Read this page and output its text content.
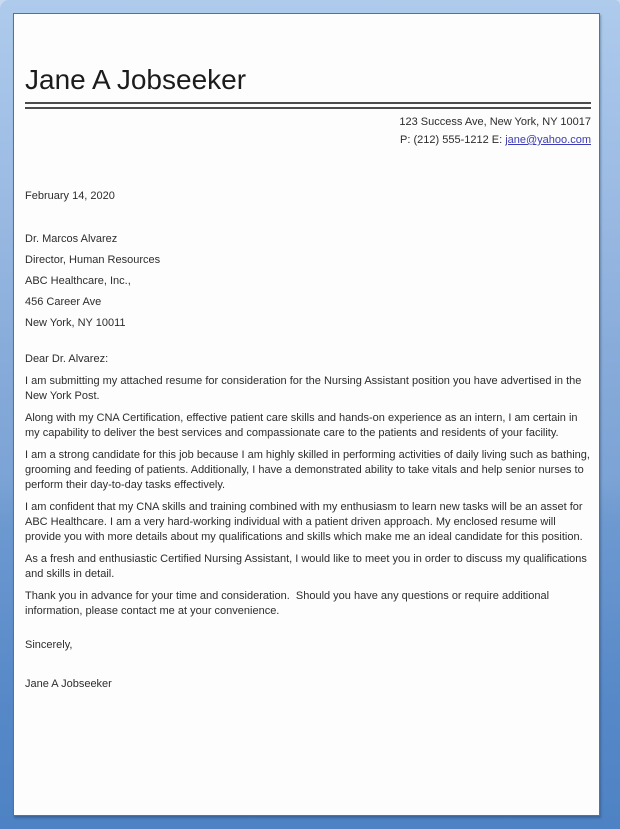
Jane A Jobseeker
123 Success Ave, New York, NY 10017
P: (212) 555-1212 E: jane@yahoo.com
February 14, 2020
Dr. Marcos Alvarez
Director, Human Resources
ABC Healthcare, Inc.,
456 Career Ave
New York, NY 10011
Dear Dr. Alvarez:

I am submitting my attached resume for consideration for the Nursing Assistant position you have advertised in the New York Post.

Along with my CNA Certification, effective patient care skills and hands-on experience as an intern, I am certain in my capability to deliver the best services and compassionate care to the patients and residents of your facility.

I am a strong candidate for this job because I am highly skilled in performing activities of daily living such as bathing, grooming and feeding of patients. Additionally, I have a demonstrated ability to take vitals and help senior nurses to perform their day-to-day tasks effectively.

I am confident that my CNA skills and training combined with my enthusiasm to learn new tasks will be an asset for ABC Healthcare. I am a very hard-working individual with a patient driven approach. My enclosed resume will provide you with more details about my qualifications and skills which make me an ideal candidate for this position.

As a fresh and enthusiastic Certified Nursing Assistant, I would like to meet you in order to discuss my qualifications and skills in detail.

Thank you in advance for your time and consideration.  Should you have any questions or require additional information, please contact me at your convenience.

Sincerely,
Jane A Jobseeker
